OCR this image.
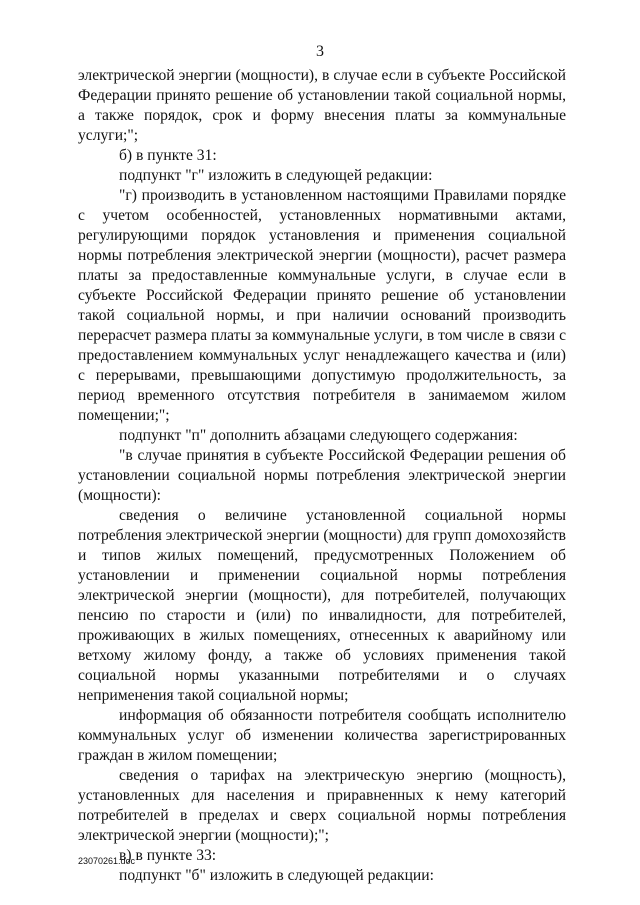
3

электрической энергии (мощности), в случае если в субъекте Российской Федерации принято решение об установлении такой социальной нормы, а также порядок, срок и форму внесения платы за коммунальные услуги;";

б) в пункте 31:

подпункт "г" изложить в следующей редакции:

"г) производить в установленном настоящими Правилами порядке с учетом особенностей, установленных нормативными актами, регулирующими порядок установления и применения социальной нормы потребления электрической энергии (мощности), расчет размера платы за предоставленные коммунальные услуги, в случае если в субъекте Российской Федерации принято решение об установлении такой социальной нормы, и при наличии оснований производить перерасчет размера платы за коммунальные услуги, в том числе в связи с предоставлением коммунальных услуг ненадлежащего качества и (или) с перерывами, превышающими допустимую продолжительность, за период временного отсутствия потребителя в занимаемом жилом помещении;";

подпункт "п" дополнить абзацами следующего содержания:

"в случае принятия в субъекте Российской Федерации решения об установлении социальной нормы потребления электрической энергии (мощности):

сведения о величине установленной социальной нормы потребления электрической энергии (мощности) для групп домохозяйств и типов жилых помещений, предусмотренных Положением об установлении и применении социальной нормы потребления электрической энергии (мощности), для потребителей, получающих пенсию по старости и (или) по инвалидности, для потребителей, проживающих в жилых помещениях, отнесенных к аварийному или ветхому жилому фонду, а также об условиях применения такой социальной нормы указанными потребителями и о случаях неприменения такой социальной нормы;

информация об обязанности потребителя сообщать исполнителю коммунальных услуг об изменении количества зарегистрированных граждан в жилом помещении;

сведения о тарифах на электрическую энергию (мощность), установленных для населения и приравненных к нему категорий потребителей в пределах и сверх социальной нормы потребления электрической энергии (мощности);";

в) в пункте 33:

подпункт "б" изложить в следующей редакции:

23070261.doc
